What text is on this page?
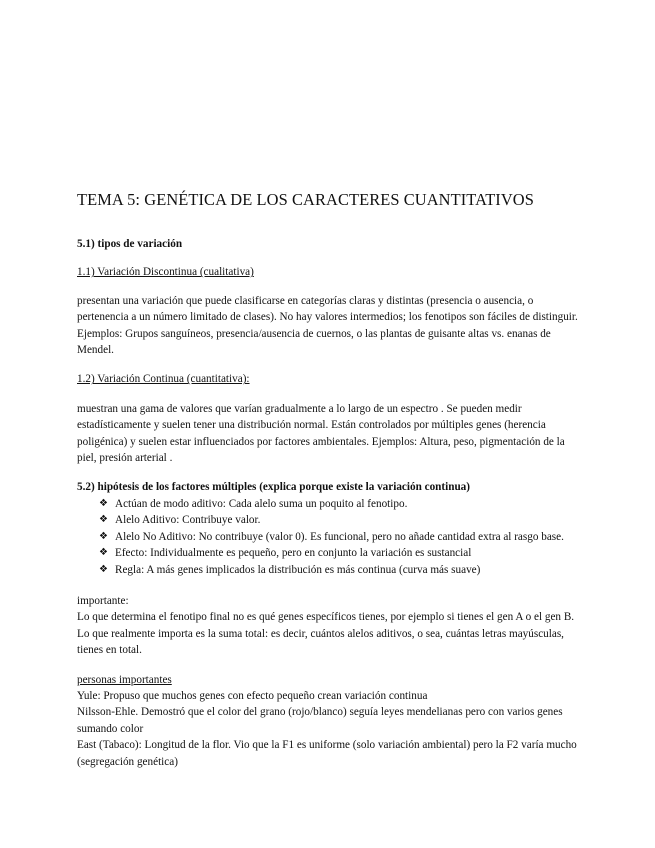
TEMA 5: GENÉTICA DE LOS CARACTERES CUANTITATIVOS

5.1) tipos de variación

1.1) Variación Discontinua (cualitativa)

presentan una variación que puede clasificarse en categorías claras y distintas (presencia o ausencia, o pertenencia a un número limitado de clases). No hay valores intermedios; los fenotipos son fáciles de distinguir. Ejemplos: Grupos sanguíneos, presencia/ausencia de cuernos, o las plantas de guisante altas vs. enanas de Mendel.

1.2) Variación Continua (cuantitativa):

muestran una gama de valores que varían gradualmente a lo largo de un espectro . Se pueden medir estadísticamente y suelen tener una distribución normal. Están controlados por múltiples genes (herencia poligénica) y suelen estar influenciados por factores ambientales. Ejemplos: Altura, peso, pigmentación de la piel, presión arterial .

5.2) hipótesis de los factores múltiples (explica porque existe la variación continua)

❖ Actúan de modo aditivo: Cada alelo suma un poquito al fenotipo.
❖ Alelo Aditivo: Contribuye valor.
❖ Alelo No Aditivo: No contribuye (valor 0). Es funcional, pero no añade cantidad extra al rasgo base.
❖ Efecto: Individualmente es pequeño, pero en conjunto la variación es sustancial
❖ Regla: A más genes implicados la distribución es más continua (curva más suave)

importante:

Lo que determina el fenotipo final no es qué genes específicos tienes, por ejemplo si tienes el gen A o el gen B. Lo que realmente importa es la suma total: es decir, cuántos alelos aditivos, o sea, cuántas letras mayúsculas, tienes en total.

personas importantes

Yule: Propuso que muchos genes con efecto pequeño crean variación continua

Nilsson-Ehle. Demostró que el color del grano (rojo/blanco) seguía leyes mendelianas pero con varios genes sumando color

East (Tabaco): Longitud de la flor. Vio que la F1 es uniforme (solo variación ambiental) pero la F2 varía mucho (segregación genética)
